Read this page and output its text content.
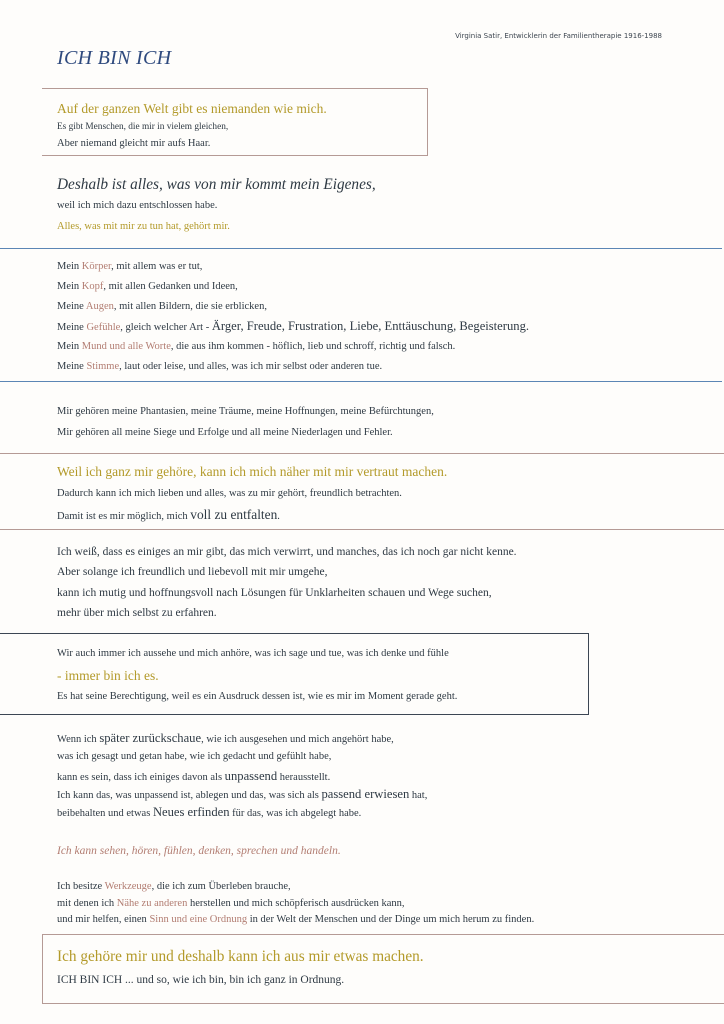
Virginia Satir, Entwicklerin der Familientherapie 1916-1988
ICH BIN ICH
Auf der ganzen Welt gibt es niemanden wie mich.
Es gibt Menschen, die mir in vielem gleichen,
Aber niemand gleicht mir aufs Haar.
Deshalb ist alles, was von mir kommt mein Eigenes,
weil ich mich dazu entschlossen habe.
Alles, was mit mir zu tun hat, gehört mir.
Mein Körper, mit allem was er tut,
Mein Kopf, mit allen Gedanken und Ideen,
Meine Augen, mit allen Bildern, die sie erblicken,
Meine Gefühle, gleich welcher Art - Ärger, Freude, Frustration, Liebe, Enttäuschung, Begeisterung.
Mein Mund und alle Worte, die aus ihm kommen - höflich, lieb und schroff, richtig und falsch.
Meine Stimme, laut oder leise, und alles, was ich mir selbst oder anderen tue.
Mir gehören meine Phantasien, meine Träume, meine Hoffnungen, meine Befürchtungen,
Mir gehören all meine Siege und Erfolge und all meine Niederlagen und Fehler.
Weil ich ganz mir gehöre, kann ich mich näher mit mir vertraut machen.
Dadurch kann ich mich lieben und alles, was zu mir gehört, freundlich betrachten.
Damit ist es mir möglich, mich voll zu entfalten.
Ich weiß, dass es einiges an mir gibt, das mich verwirrt, und manches, das ich noch gar nicht kenne.
Aber solange ich freundlich und liebevoll mit mir umgehe,
kann ich mutig und hoffnungsvoll nach Lösungen für Unklarheiten schauen und Wege suchen,
mehr über mich selbst zu erfahren.
Wir auch immer ich aussehe und mich anhöre, was ich sage und tue, was ich denke und fühle
- immer bin ich es.
Es hat seine Berechtigung, weil es ein Ausdruck dessen ist, wie es mir im Moment gerade geht.
Wenn ich später zurückschaue, wie ich ausgesehen und mich angehört habe,
was ich gesagt und getan habe, wie ich gedacht und gefühlt habe,
kann es sein, dass ich einiges davon als unpassend herausstellt.
Ich kann das, was unpassend ist, ablegen und das, was sich als passend erwiesen hat,
beibehalten und etwas Neues erfinden für das, was ich abgelegt habe.
Ich kann sehen, hören, fühlen, denken, sprechen und handeln.
Ich besitze Werkzeuge, die ich zum Überleben brauche,
mit denen ich Nähe zu anderen herstellen und mich schöpferisch ausdrücken kann,
und mir helfen, einen Sinn und eine Ordnung in der Welt der Menschen und der Dinge um mich herum zu finden.
Ich gehöre mir und deshalb kann ich aus mir etwas machen.
ICH BIN ICH ... und so, wie ich bin, bin ich ganz in Ordnung.
